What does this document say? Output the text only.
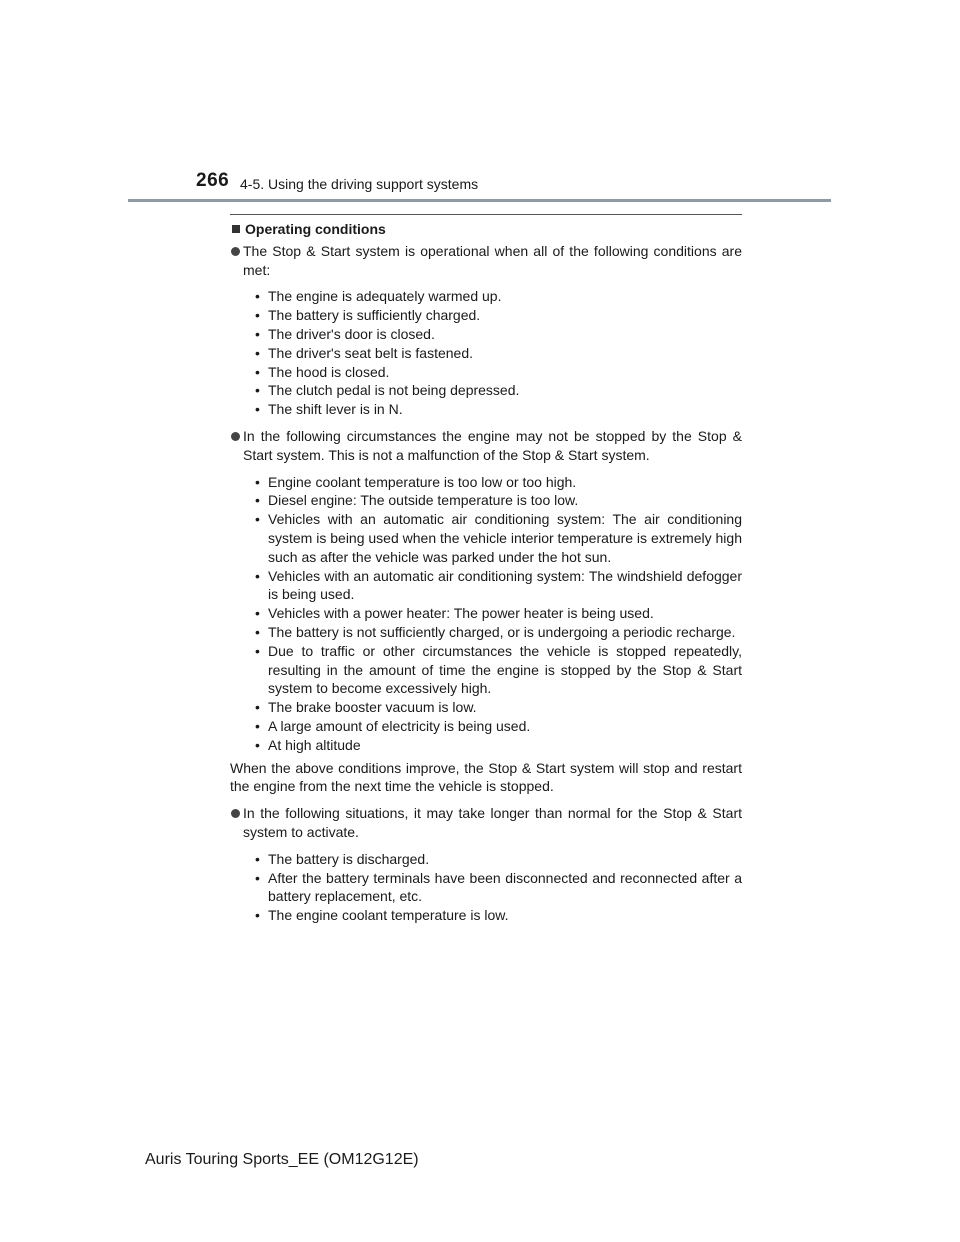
266 4-5. Using the driving support systems
Operating conditions
The Stop & Start system is operational when all of the following conditions are met:
• The engine is adequately warmed up.
• The battery is sufficiently charged.
• The driver's door is closed.
• The driver's seat belt is fastened.
• The hood is closed.
• The clutch pedal is not being depressed.
• The shift lever is in N.
In the following circumstances the engine may not be stopped by the Stop & Start system. This is not a malfunction of the Stop & Start system.
• Engine coolant temperature is too low or too high.
• Diesel engine: The outside temperature is too low.
• Vehicles with an automatic air conditioning system: The air conditioning system is being used when the vehicle interior temperature is extremely high such as after the vehicle was parked under the hot sun.
• Vehicles with an automatic air conditioning system: The windshield defogger is being used.
• Vehicles with a power heater: The power heater is being used.
• The battery is not sufficiently charged, or is undergoing a periodic recharge.
• Due to traffic or other circumstances the vehicle is stopped repeatedly, resulting in the amount of time the engine is stopped by the Stop & Start system to become excessively high.
• The brake booster vacuum is low.
• A large amount of electricity is being used.
• At high altitude
When the above conditions improve, the Stop & Start system will stop and restart the engine from the next time the vehicle is stopped.
In the following situations, it may take longer than normal for the Stop & Start system to activate.
• The battery is discharged.
• After the battery terminals have been disconnected and reconnected after a battery replacement, etc.
• The engine coolant temperature is low.
Auris Touring Sports_EE (OM12G12E)
